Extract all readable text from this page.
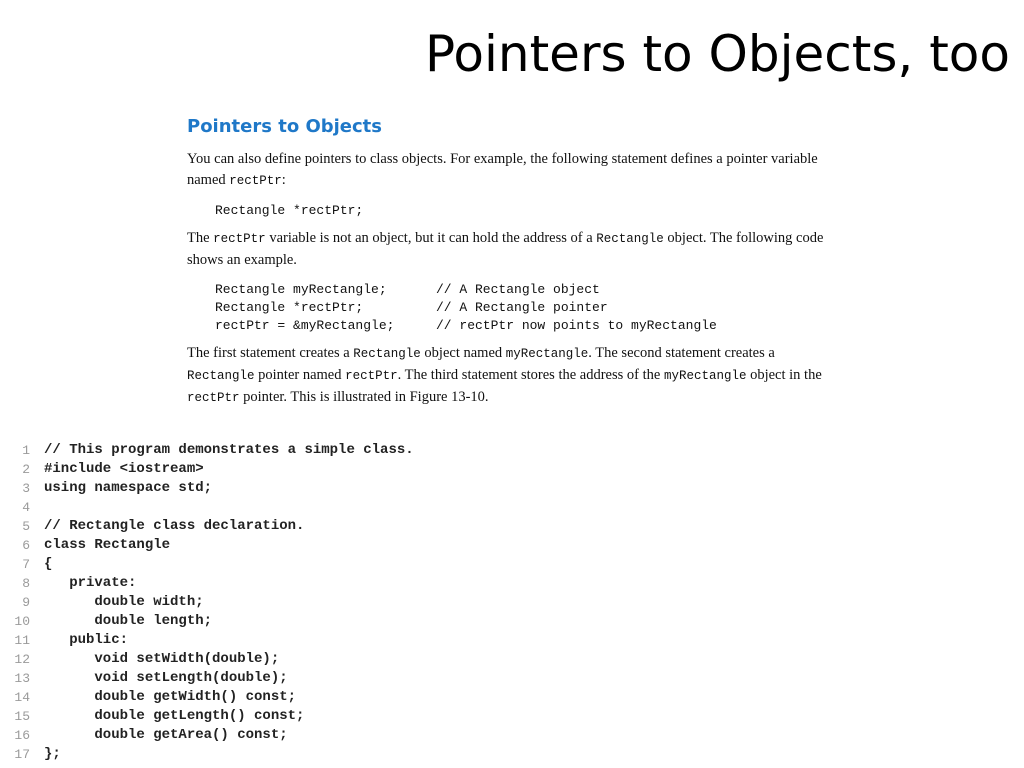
Pointers to Objects, too
Pointers to Objects

You can also define pointers to class objects. For example, the following statement defines a pointer variable named rectPtr:

Rectangle *rectPtr;

The rectPtr variable is not an object, but it can hold the address of a Rectangle object. The following code shows an example.

Rectangle myRectangle;	// A Rectangle object
Rectangle *rectPtr;	// A Rectangle pointer
rectPtr = &myRectangle;	// rectPtr now points to myRectangle

The first statement creates a Rectangle object named myRectangle. The second statement creates a Rectangle pointer named rectPtr. The third statement stores the address of the myRectangle object in the rectPtr pointer. This is illustrated in Figure 13-10.

1 // This program demonstrates a simple class.
2 #include <iostream>
3 using namespace std;
4
5 // Rectangle class declaration.
6 class Rectangle
7 {
8 private:
9 double width;
10 double length;
11 public:
12 void setWidth(double);
13 void setLength(double);
14 double getWidth() const;
15 double getLength() const;
16 double getArea() const;
17 };
